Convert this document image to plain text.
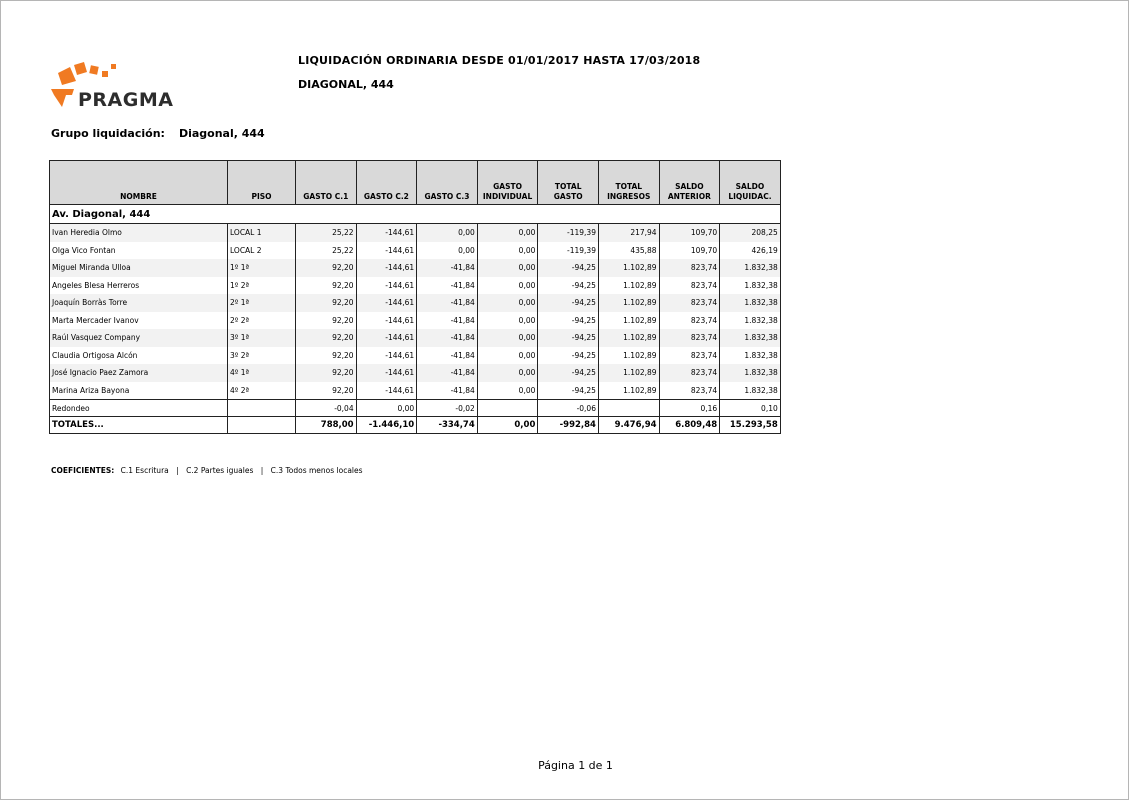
PRAGMA
LIQUIDACIÓN ORDINARIA DESDE 01/01/2017 HASTA 17/03/2018
DIAGONAL, 444
Grupo liquidación: Diagonal, 444
NOMBRE	PISO	GASTO C.1	GASTO C.2	GASTO C.3	GASTO INDIVIDUAL	TOTAL GASTO	TOTAL INGRESOS	SALDO ANTERIOR	SALDO LIQUIDAC.
Av. Diagonal, 444									
Ivan Heredia Olmo	LOCAL 1	25,22	-144,61	0,00	0,00	-119,39	217,94	109,70	208,25
Olga Vico Fontan	LOCAL 2	25,22	-144,61	0,00	0,00	-119,39	435,88	109,70	426,19
Miguel Miranda Ulloa	1º 1ª	92,20	-144,61	-41,84	0,00	-94,25	1.102,89	823,74	1.832,38
Angeles Blesa Herreros	1º 2ª	92,20	-144,61	-41,84	0,00	-94,25	1.102,89	823,74	1.832,38
Joaquín Borràs Torre	2º 1ª	92,20	-144,61	-41,84	0,00	-94,25	1.102,89	823,74	1.832,38
Marta Mercader Ivanov	2º 2ª	92,20	-144,61	-41,84	0,00	-94,25	1.102,89	823,74	1.832,38
Raúl Vasquez Company	3º 1ª	92,20	-144,61	-41,84	0,00	-94,25	1.102,89	823,74	1.832,38
Claudia Ortigosa Alcón	3º 2ª	92,20	-144,61	-41,84	0,00	-94,25	1.102,89	823,74	1.832,38
José Ignacio Paez Zamora	4º 1ª	92,20	-144,61	-41,84	0,00	-94,25	1.102,89	823,74	1.832,38
Marina Ariza Bayona	4º 2ª	92,20	-144,61	-41,84	0,00	-94,25	1.102,89	823,74	1.832,38
Redondeo		-0,04	0,00	-0,02		-0,06		0,16	0,10
TOTALES...		788,00	-1.446,10	-334,74	0,00	-992,84	9.476,94	6.809,48	15.293,58
COEFICIENTES: C.1 Escritura | C.2 Partes iguales | C.3 Todos menos locales
Página 1 de 1
